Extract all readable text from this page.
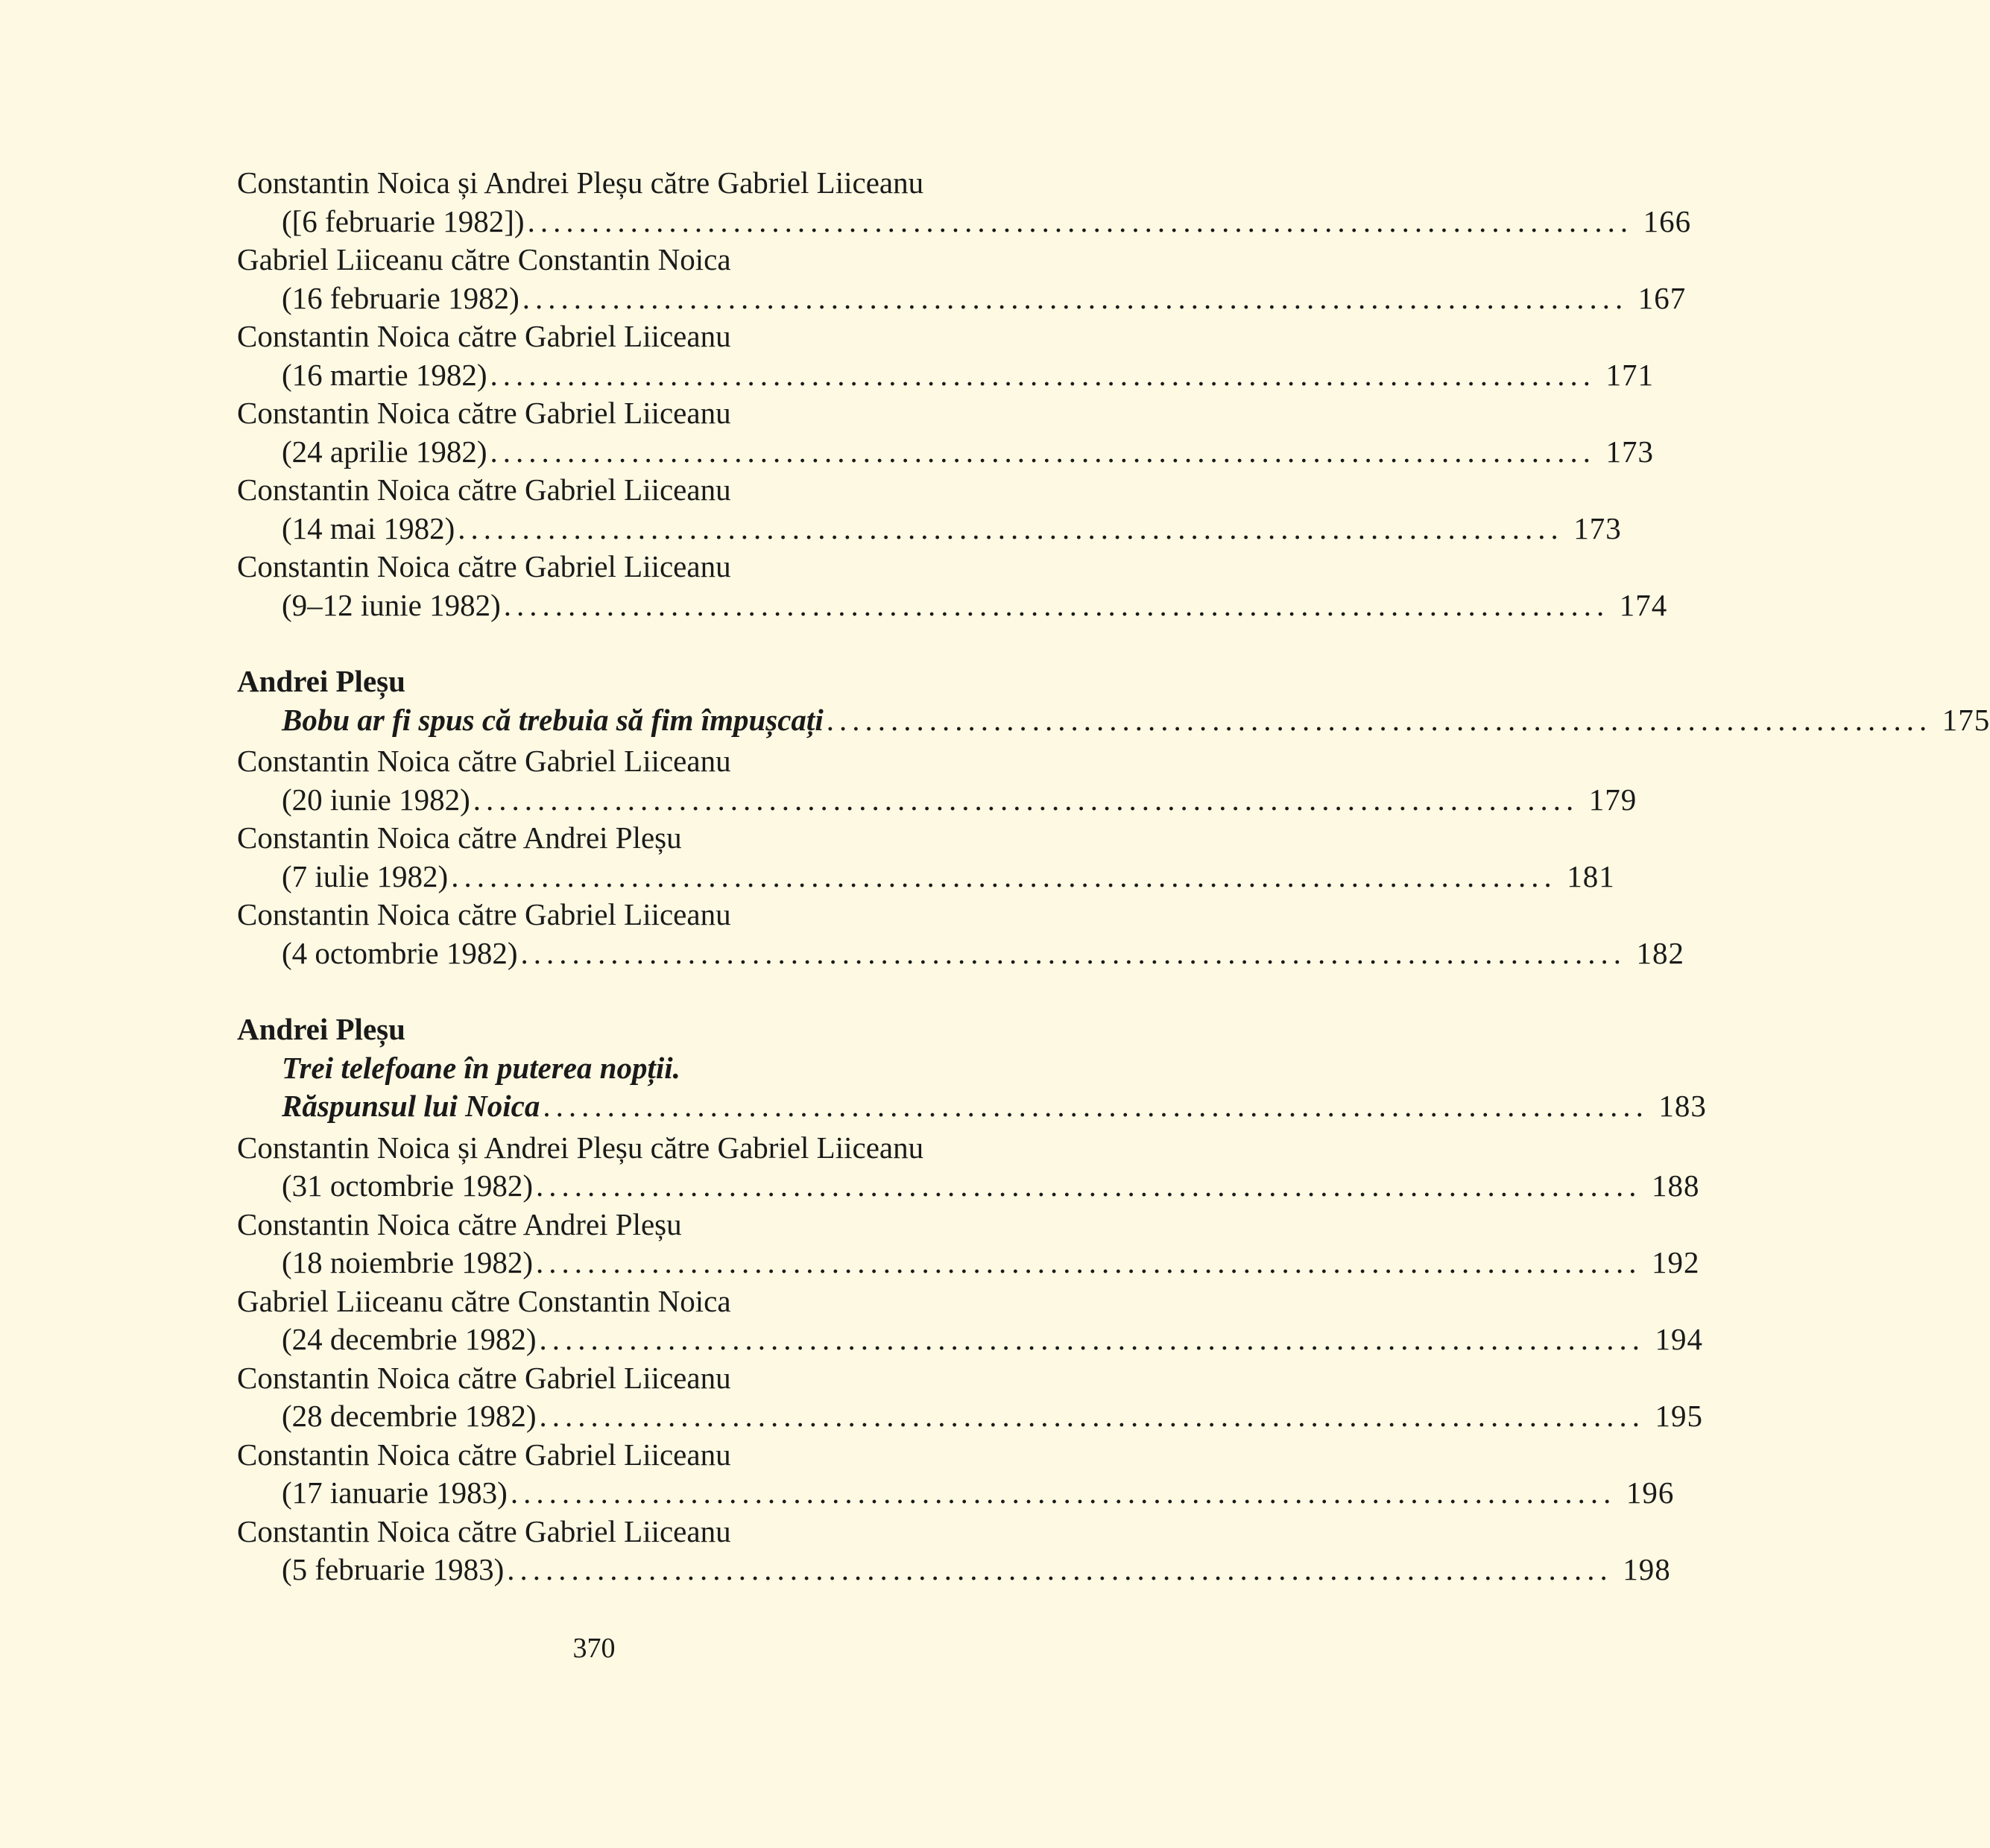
Constantin Noica și Andrei Pleșu către Gabriel Liiceanu
([6 februarie 1982]) ...................................................................................... 166
Gabriel Liiceanu către Constantin Noica
(16 februarie 1982) ...................................................................................... 167
Constantin Noica către Gabriel Liiceanu
(16 martie 1982) ...................................................................................... 171
Constantin Noica către Gabriel Liiceanu
(24 aprilie 1982) ...................................................................................... 173
Constantin Noica către Gabriel Liiceanu
(14 mai 1982) ...................................................................................... 173
Constantin Noica către Gabriel Liiceanu
(9–12 iunie 1982) ...................................................................................... 174
Andrei Pleșu
Bobu ar fi spus că trebuia să fim împușcați ...................................................................................... 175
Constantin Noica către Gabriel Liiceanu
(20 iunie 1982) ...................................................................................... 179
Constantin Noica către Andrei Pleșu
(7 iulie 1982) ...................................................................................... 181
Constantin Noica către Gabriel Liiceanu
(4 octombrie 1982) ...................................................................................... 182
Andrei Pleșu
Trei telefoane în puterea nopții.
Răspunsul lui Noica ...................................................................................... 183
Constantin Noica și Andrei Pleșu către Gabriel Liiceanu
(31 octombrie 1982) ...................................................................................... 188
Constantin Noica către Andrei Pleșu
(18 noiembrie 1982) ...................................................................................... 192
Gabriel Liiceanu către Constantin Noica
(24 decembrie 1982) ...................................................................................... 194
Constantin Noica către Gabriel Liiceanu
(28 decembrie 1982) ...................................................................................... 195
Constantin Noica către Gabriel Liiceanu
(17 ianuarie 1983) ...................................................................................... 196
Constantin Noica către Gabriel Liiceanu
(5 februarie 1983) ...................................................................................... 198
370
